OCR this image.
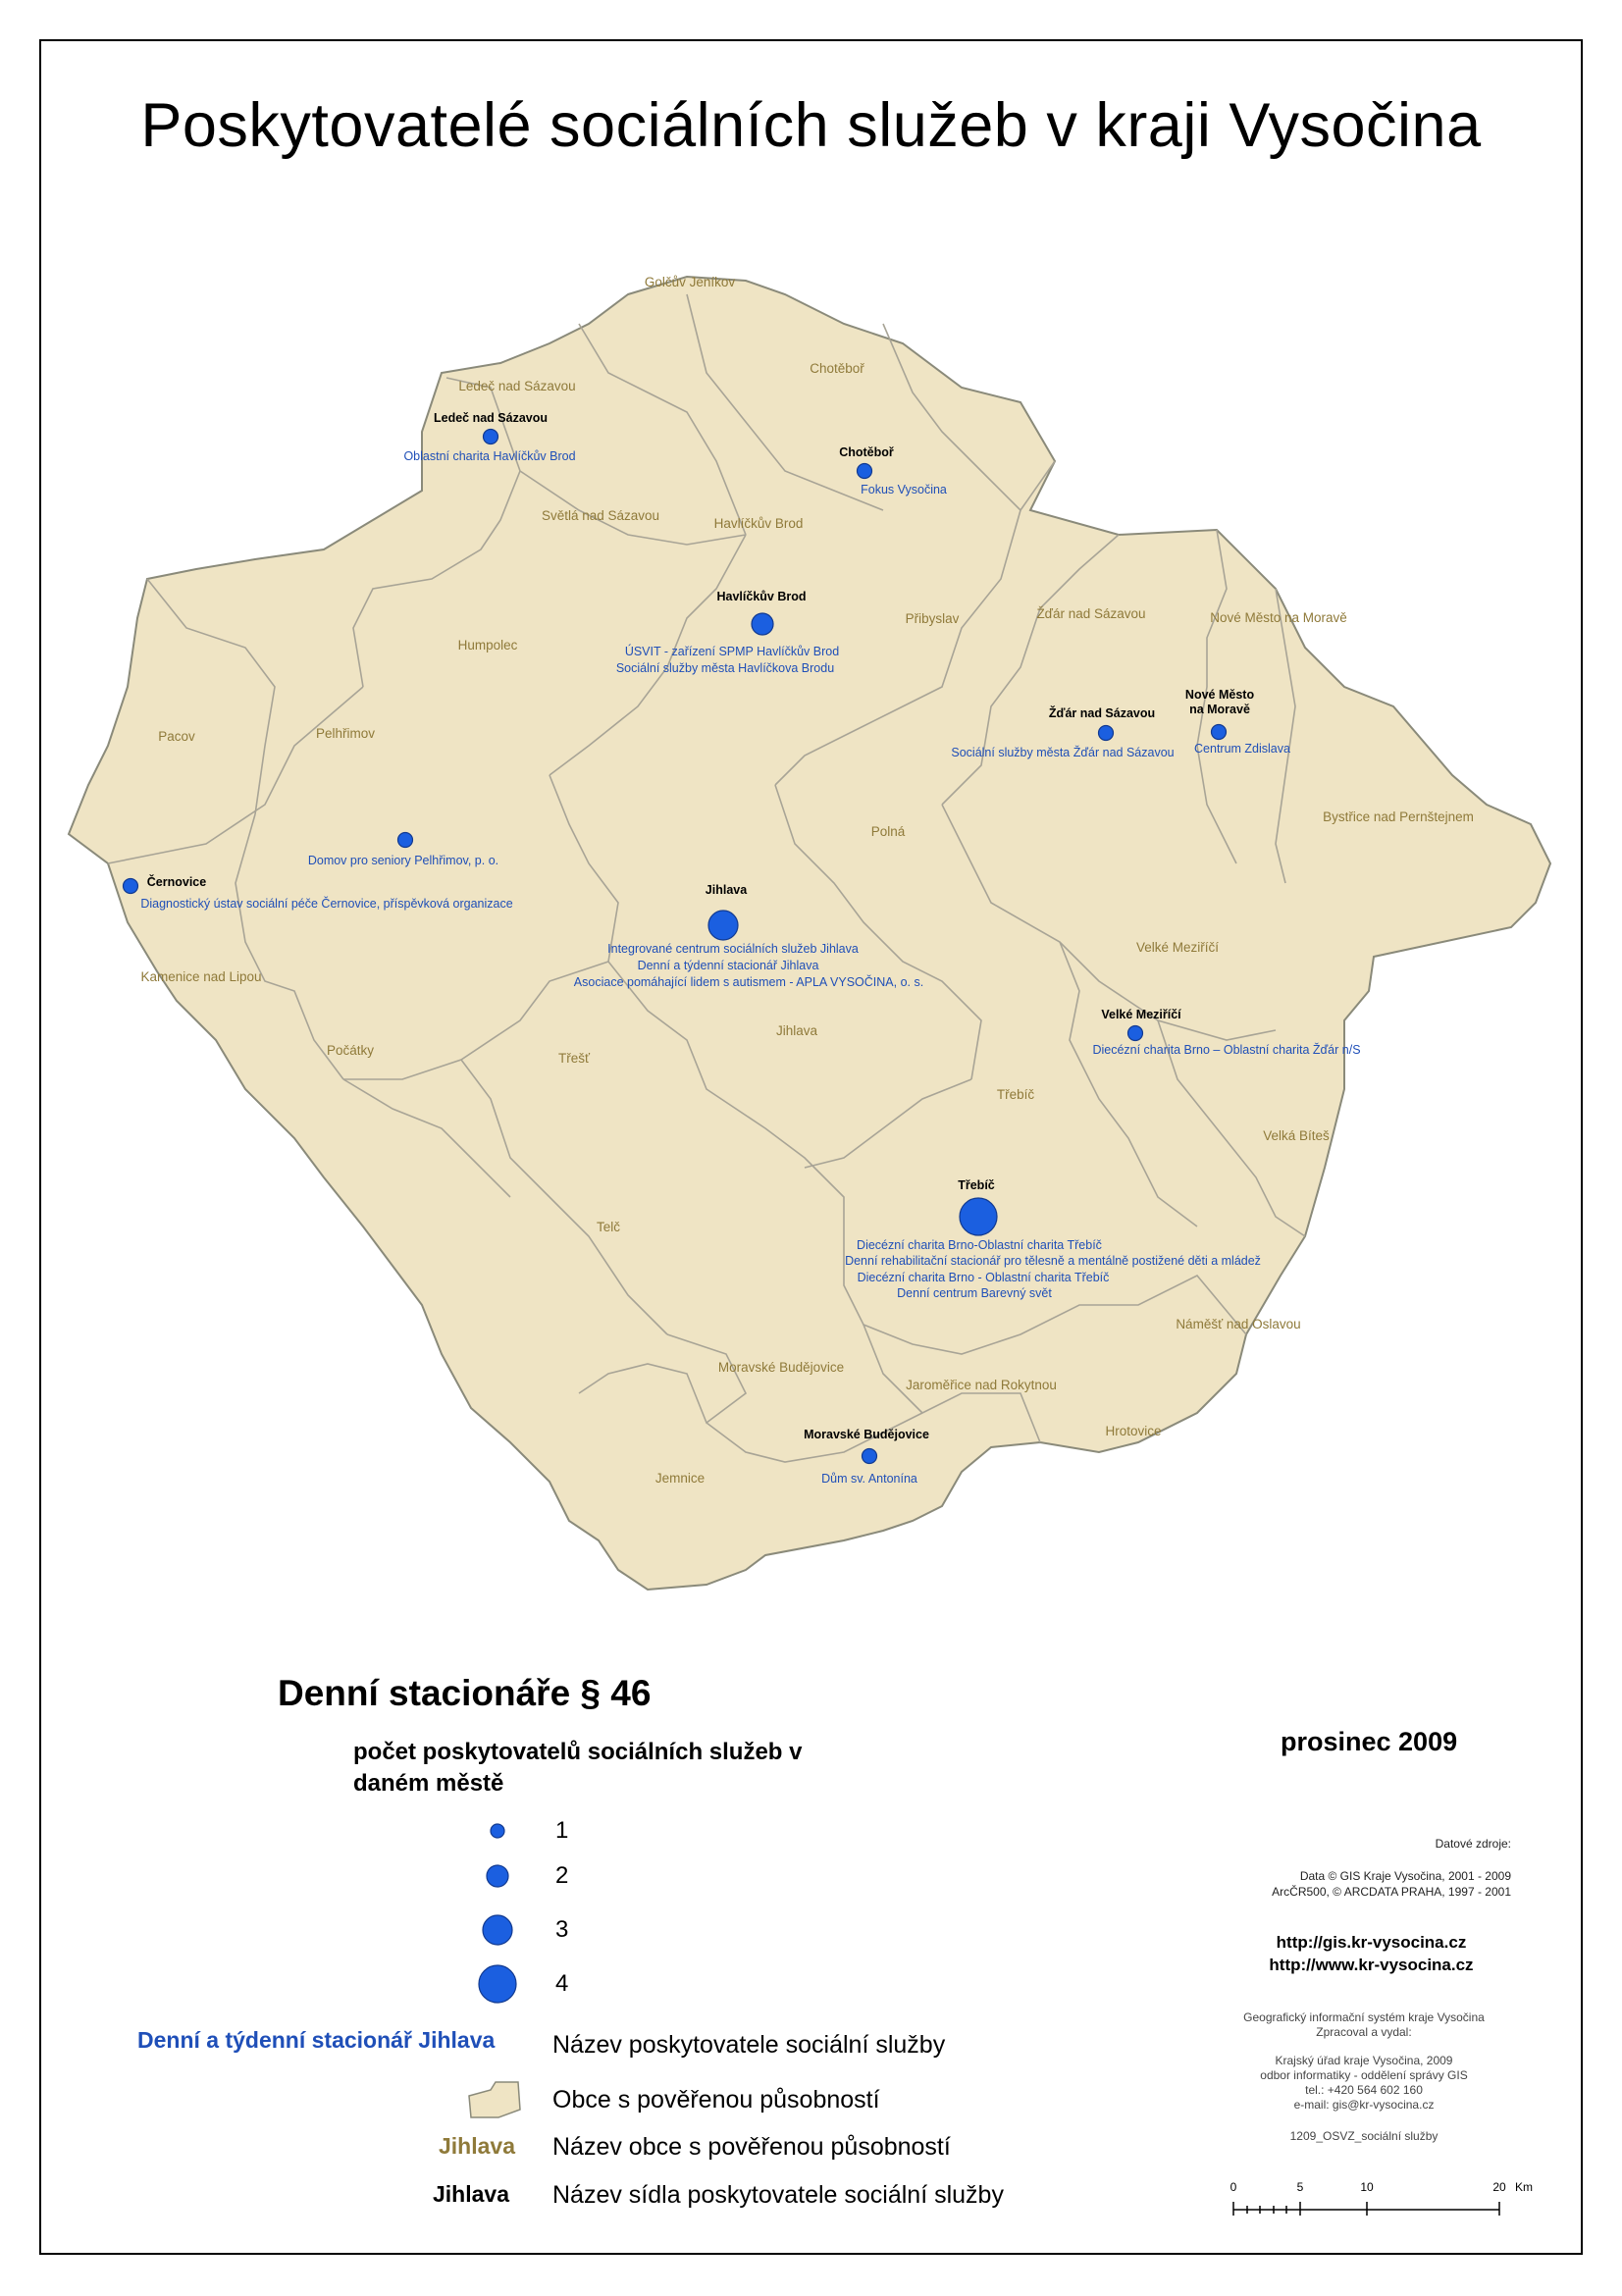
Poskytovatelé sociálních služeb v kraji Vysočina
Golčův Jeníkov
Ledeč nad Sázavou
Chotěboř
Světlá nad Sázavou
Havlíčkův Brod
Humpolec
Přibyslav	Žďár nad Sázavou	Nové Město na Moravě
Pacov	Pelhřimov
Polná
Bystřice nad Pernštejnem
Kamenice nad Lipou
Velké Meziříčí
Počátky
Třešť
Jihlava
Třebíč
Velká Bíteš
Telč
Náměšť nad Oslavou
Moravské Budějovice
Jaroměřice nad Rokytnou
Hrotovice
Jemnice
Ledeč nad Sázavou
Chotěboř
Havlíčkův Brod
Žďár nad Sázavou
Nové Město
na Moravě
Černovice
Jihlava
Velké Meziříčí
Třebíč
Moravské Budějovice
Oblastní charita Havlíčkův Brod
Fokus Vysočina
ÚSVIT - zařízení SPMP Havlíčkův Brod
Sociální služby města Havlíčkova Brodu
Sociální služby města Žďár nad Sázavou Centrum Zdislava
Domov pro seniory Pelhřimov, p. o.
Diagnostický ústav sociální péče Černovice, příspěvková organizace
Integrované centrum sociálních služeb Jihlava
Denní a týdenní stacionář Jihlava
Asociace pomáhající lidem s autismem - APLA VYSOČINA, o. s.
Diecézní charita Brno – Oblastní charita Žďár n/S
Diecézní charita Brno-Oblastní charita Třebíč
Denní rehabilitační stacionář pro tělesně a mentálně postižené děti a mládež
Diecézní charita Brno - Oblastní charita Třebíč
Denní centrum Barevný svět
Dům sv. Antonína
0	5	10	20 Km
Denní stacionáře § 46
počet poskytovatelů sociálních služeb v daném městě
1
2
3
4
Denní a týdenní stacionář Jihlava Název poskytovatele sociální služby
Obce s pověřenou působností
Jihlava Název obce s pověřenou působností
Jihlava Název sídla poskytovatele sociální služby
prosinec 2009
Datové zdroje:
Data © GIS Kraje Vysočina, 2001 - 2009
ArcČR500, © ARCDATA PRAHA, 1997 - 2001
http://gis.kr-vysocina.cz
http://www.kr-vysocina.cz
Geografický informační systém kraje Vysočina
Zpracoval a vydal:
Krajský úřad kraje Vysočina, 2009
odbor informatiky - oddělení správy GIS
tel.: +420 564 602 160
e-mail: gis@kr-vysocina.cz
1209_OSVZ_sociální služby
